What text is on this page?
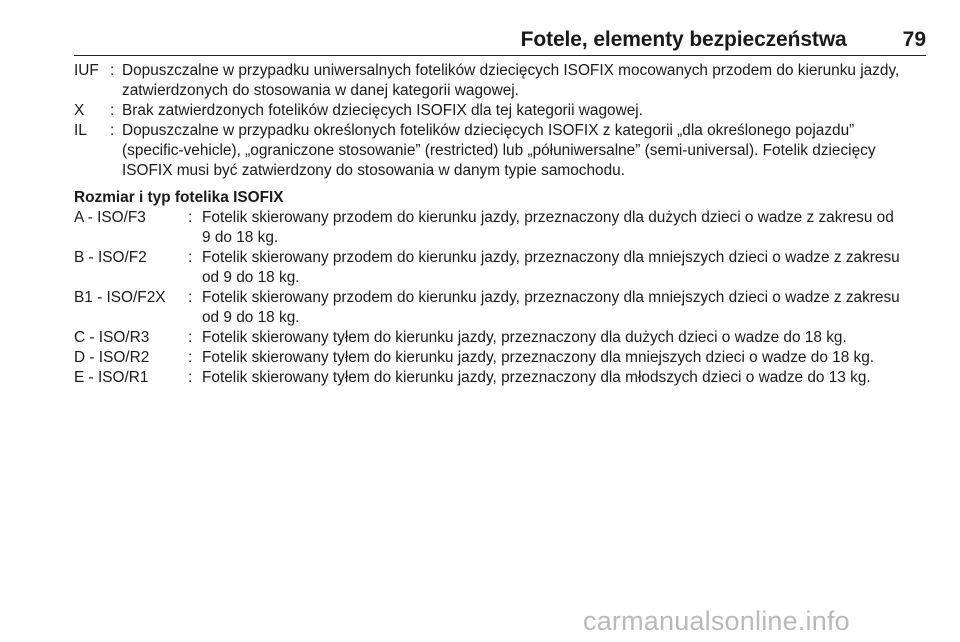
Fotele, elementy bezpieczeństwa	79
IUF : Dopuszczalne w przypadku uniwersalnych fotelików dziecięcych ISOFIX mocowanych przodem do kierunku jazdy,
zatwierdzonych do stosowania w danej kategorii wagowej.
X	: Brak zatwierdzonych fotelików dziecięcych ISOFIX dla tej kategorii wagowej.
IL	: Dopuszczalne w przypadku określonych fotelików dziecięcych ISOFIX z kategorii „dla określonego pojazdu”
(specific-vehicle), „ograniczone stosowanie” (restricted) lub „półuniwersalne” (semi-universal). Fotelik dziecięcy
ISOFIX musi być zatwierdzony do stosowania w danym typie samochodu.
Rozmiar i typ fotelika ISOFIX
A - ISO/F3	: Fotelik skierowany przodem do kierunku jazdy, przeznaczony dla dużych dzieci o wadze z zakresu od
9 do 18 kg.
B - ISO/F2	: Fotelik skierowany przodem do kierunku jazdy, przeznaczony dla mniejszych dzieci o wadze z zakresu
od 9 do 18 kg.
B1 - ISO/F2X	: Fotelik skierowany przodem do kierunku jazdy, przeznaczony dla mniejszych dzieci o wadze z zakresu
od 9 do 18 kg.
C - ISO/R3	: Fotelik skierowany tyłem do kierunku jazdy, przeznaczony dla dużych dzieci o wadze do 18 kg.
D - ISO/R2	: Fotelik skierowany tyłem do kierunku jazdy, przeznaczony dla mniejszych dzieci o wadze do 18 kg.
E - ISO/R1	: Fotelik skierowany tyłem do kierunku jazdy, przeznaczony dla młodszych dzieci o wadze do 13 kg.
carmanualsonline.info
